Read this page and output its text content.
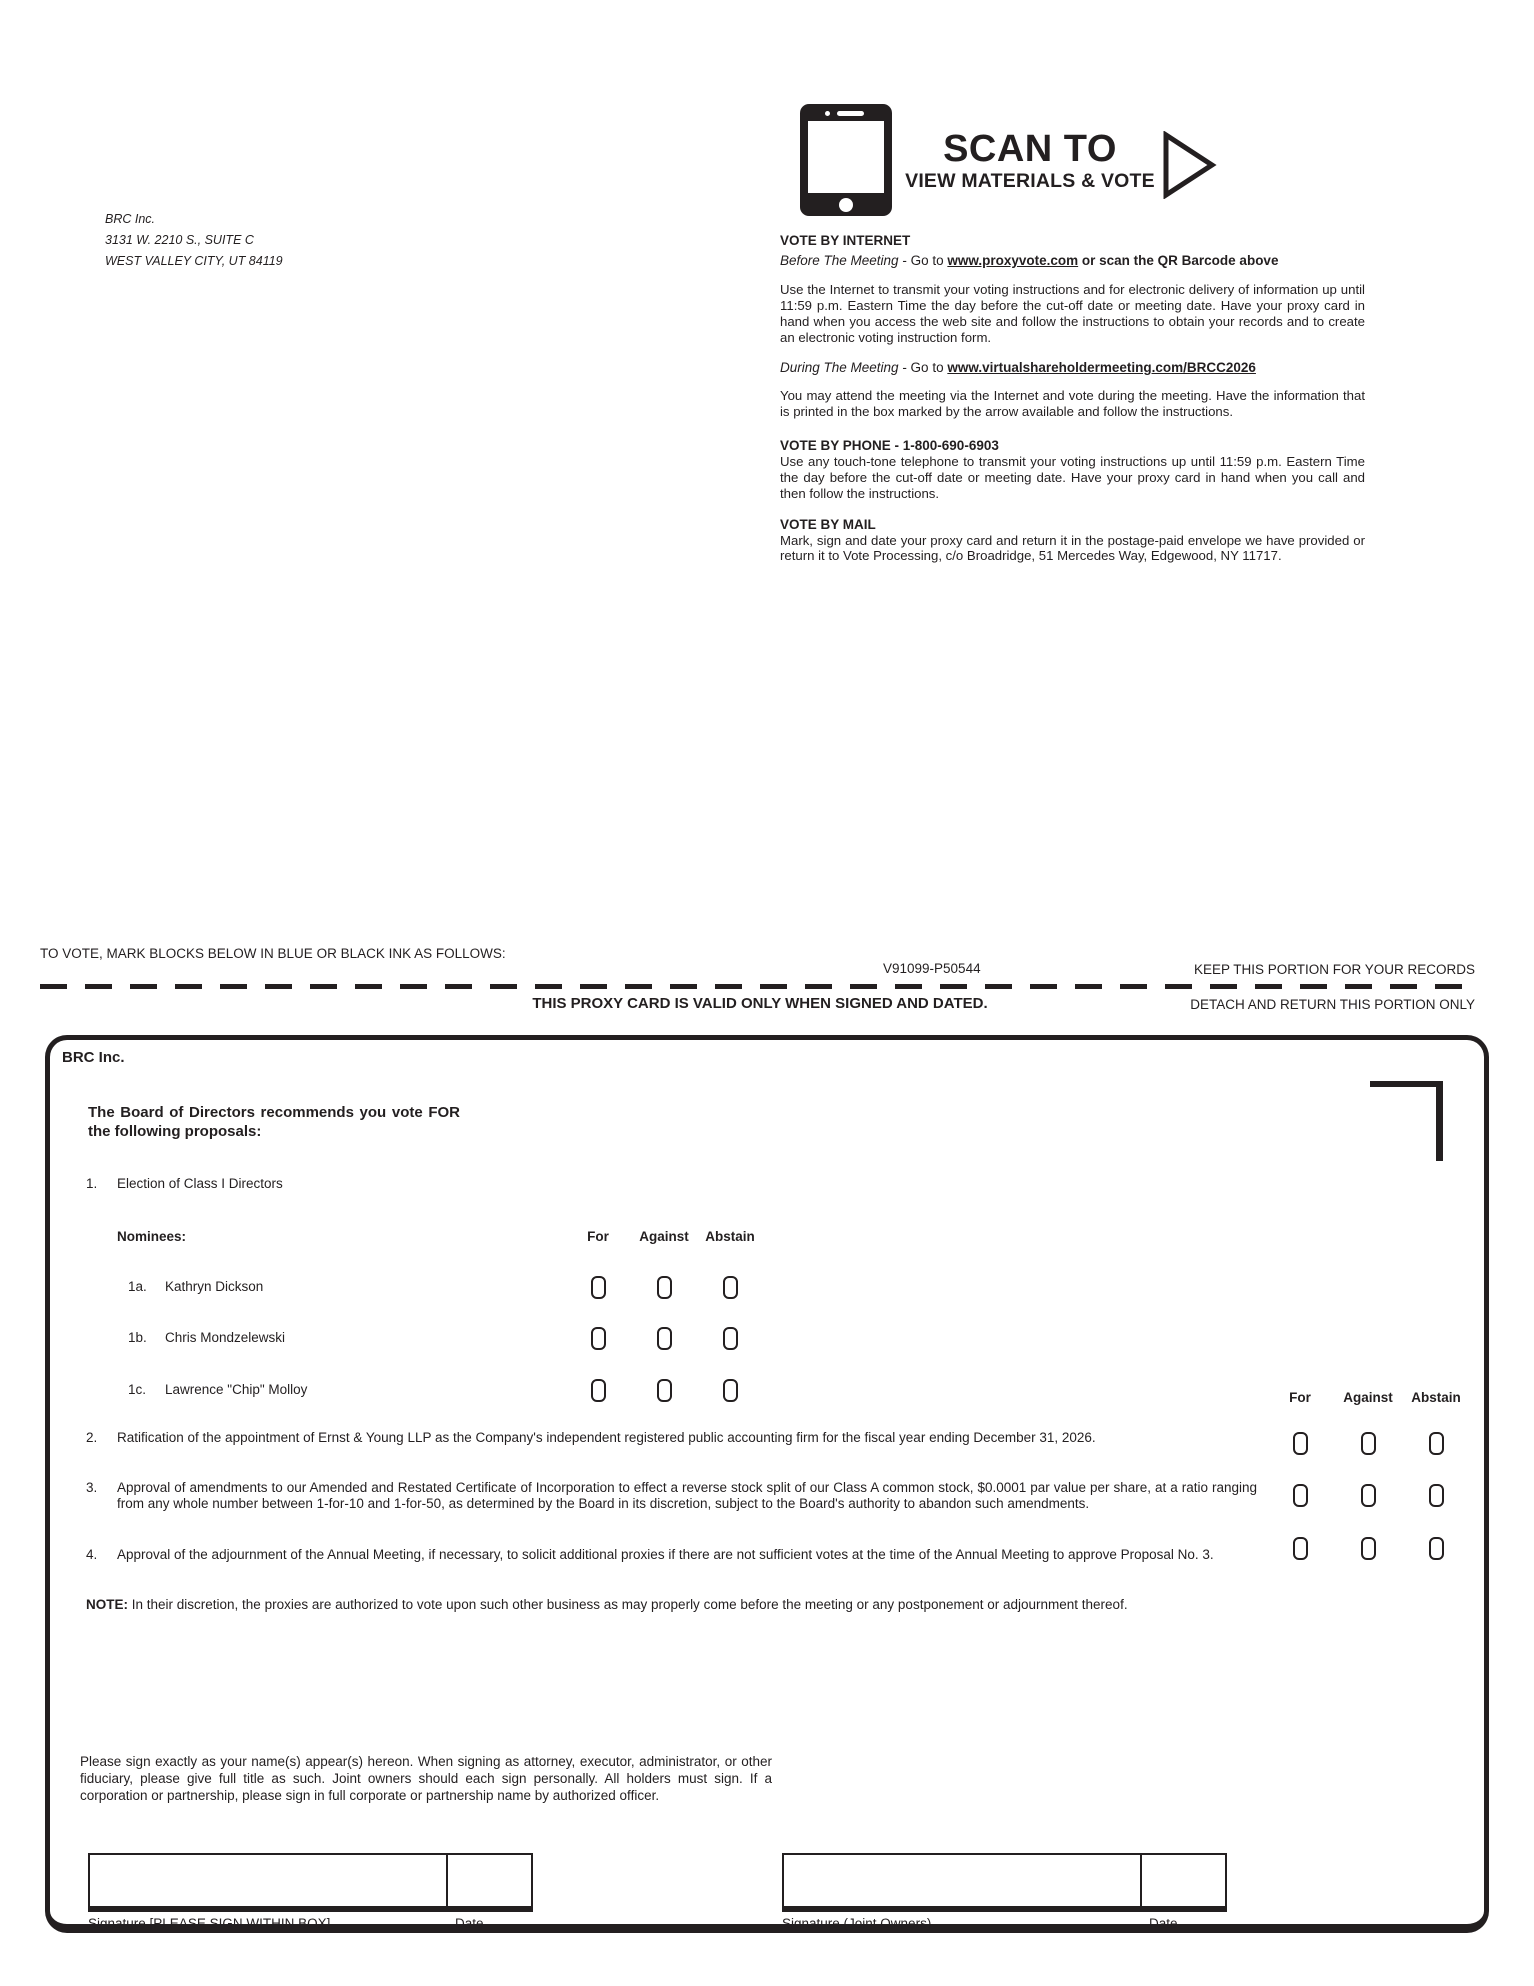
BRC Inc.
3131 W. 2210 S., SUITE C
WEST VALLEY CITY, UT 84119
SCAN TO
VIEW MATERIALS & VOTE
VOTE BY INTERNET
Before The Meeting - Go to www.proxyvote.com or scan the QR Barcode above
Use the Internet to transmit your voting instructions and for electronic delivery of information up until 11:59 p.m. Eastern Time the day before the cut-off date or meeting date. Have your proxy card in hand when you access the web site and follow the instructions to obtain your records and to create an electronic voting instruction form.
During The Meeting - Go to www.virtualshareholdermeeting.com/BRCC2026
You may attend the meeting via the Internet and vote during the meeting. Have the information that is printed in the box marked by the arrow available and follow the instructions.
VOTE BY PHONE - 1-800-690-6903
Use any touch-tone telephone to transmit your voting instructions up until 11:59 p.m. Eastern Time the day before the cut-off date or meeting date. Have your proxy card in hand when you call and then follow the instructions.
VOTE BY MAIL
Mark, sign and date your proxy card and return it in the postage-paid envelope we have provided or return it to Vote Processing, c/o Broadridge, 51 Mercedes Way, Edgewood, NY 11717.
TO VOTE, MARK BLOCKS BELOW IN BLUE OR BLACK INK AS FOLLOWS:
V91099-P50544	KEEP THIS PORTION FOR YOUR RECORDS
THIS PROXY CARD IS VALID ONLY WHEN SIGNED AND DATED.	DETACH AND RETURN THIS PORTION ONLY
BRC Inc.
The Board of Directors recommends you vote FOR the following proposals:
1. Election of Class I Directors
Nominees:	For	Against	Abstain
1a. Kathryn Dickson
1b. Chris Mondzelewski
1c. Lawrence "Chip" Molloy
For	Against	Abstain
2. Ratification of the appointment of Ernst & Young LLP as the Company's independent registered public accounting firm for the fiscal year ending December 31, 2026.
3. Approval of amendments to our Amended and Restated Certificate of Incorporation to effect a reverse stock split of our Class A common stock, $0.0001 par value per share, at a ratio ranging from any whole number between 1-for-10 and 1-for-50, as determined by the Board in its discretion, subject to the Board's authority to abandon such amendments.
4. Approval of the adjournment of the Annual Meeting, if necessary, to solicit additional proxies if there are not sufficient votes at the time of the Annual Meeting to approve Proposal No. 3.
NOTE: In their discretion, the proxies are authorized to vote upon such other business as may properly come before the meeting or any postponement or adjournment thereof.
Please sign exactly as your name(s) appear(s) hereon. When signing as attorney, executor, administrator, or other fiduciary, please give full title as such. Joint owners should each sign personally. All holders must sign. If a corporation or partnership, please sign in full corporate or partnership name by authorized officer.
Signature [PLEASE SIGN WITHIN BOX]	Date	Signature (Joint Owners)	Date
